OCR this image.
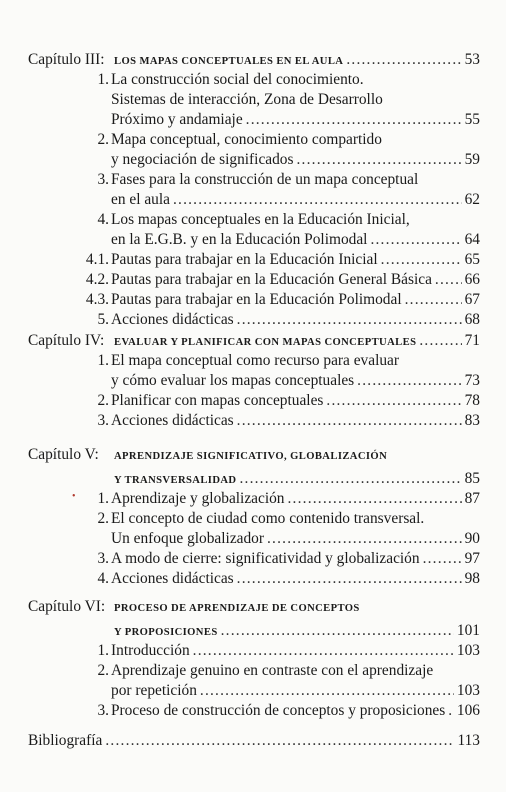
Capítulo III: LOS MAPAS CONCEPTUALES EN EL AULA .....	53
1. La construcción social del conocimiento.
Sistemas de interacción, Zona de Desarrollo
Próximo y andamiaje .....	55
2. Mapa conceptual, conocimiento compartido
y negociación de significados .....	59
3. Fases para la construcción de un mapa conceptual
en el aula .....	62
4. Los mapas conceptuales en la Educación Inicial,
en la E.G.B. y en la Educación Polimodal .....	64
4.1. Pautas para trabajar en la Educación Inicial .....	65
4.2. Pautas para trabajar en la Educación General Básica ..... 66
4.3. Pautas para trabajar en la Educación Polimodal .....	67
5. Acciones didácticas .....	68
Capítulo IV: EVALUAR Y PLANIFICAR CON MAPAS CONCEPTUALES .....	71
1. El mapa conceptual como recurso para evaluar
y cómo evaluar los mapas conceptuales .....	73
2. Planificar con mapas conceptuales .....	78
3. Acciones didácticas .....	83
Capítulo V:	APRENDIZAJE SIGNIFICATIVO, GLOBALIZACIÓN
Y TRANSVERSALIDAD .....	85
1.
• Aprendizaje y globalización .....	87
2. El concepto de ciudad como contenido transversal.
Un enfoque globalizador .....	90
3. A modo de cierre: significatividad y globalización .....	97
4. Acciones didácticas .....	98
Capítulo VI: PROCESO DE APRENDIZAJE DE CONCEPTOS
Y PROPOSICIONES .....	101
1. Introducción .....	103
2. Aprendizaje genuino en contraste con el aprendizaje
por repetición .....	103
3. Proceso de construcción de conceptos y proposiciones ..... 106
Bibliografía .....	113
